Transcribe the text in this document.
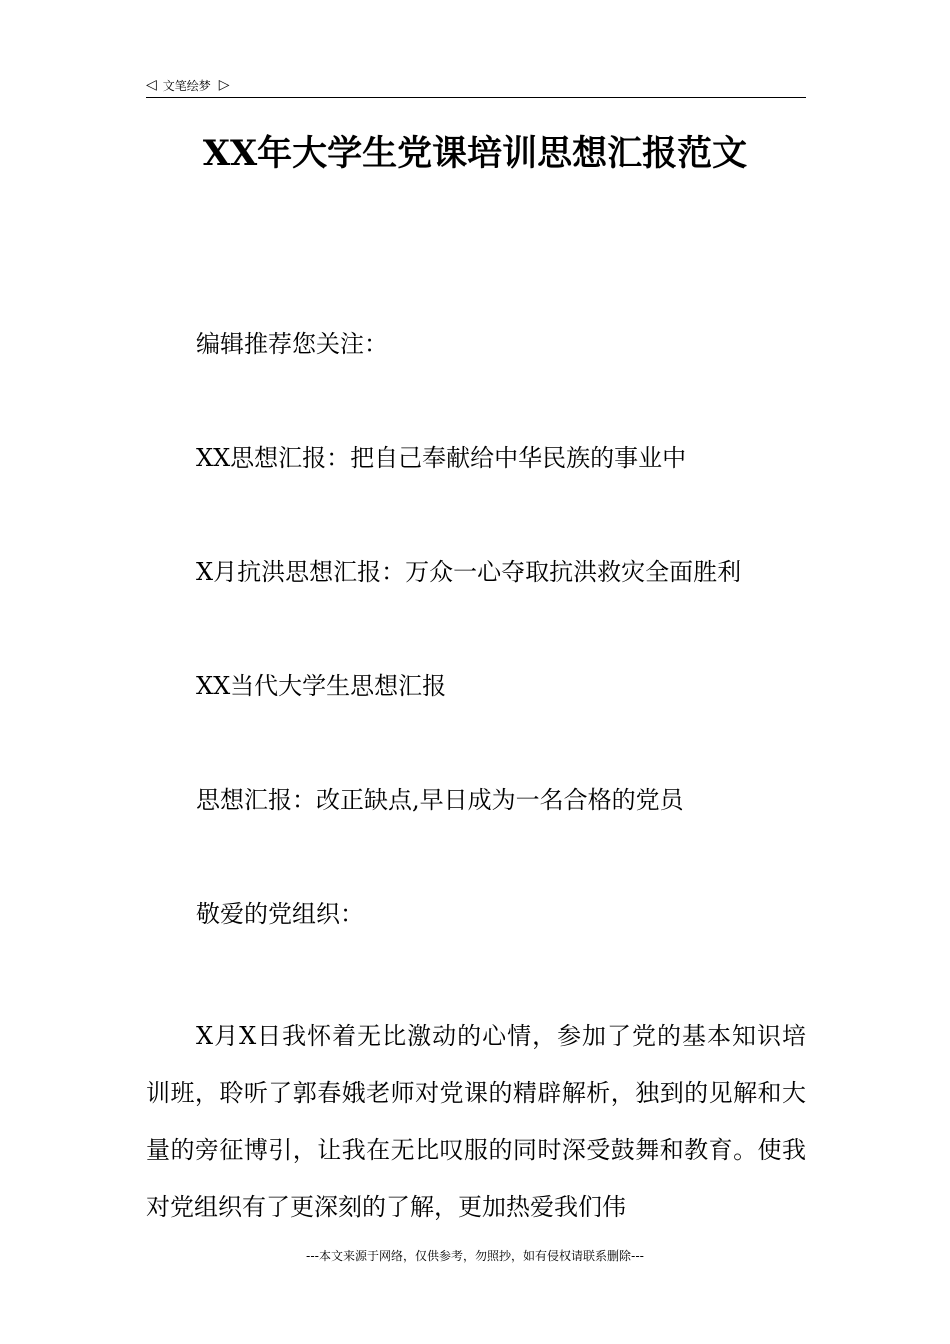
◁ 文笔绘梦 ▷
XX年大学生党课培训思想汇报范文
编辑推荐您关注：
XX思想汇报：把自己奉献给中华民族的事业中
X月抗洪思想汇报：万众一心夺取抗洪救灾全面胜利
XX当代大学生思想汇报
思想汇报：改正缺点,早日成为一名合格的党员
敬爱的党组织：
X月X日我怀着无比激动的心情，参加了党的基本知识培训班，聆听了郭春娥老师对党课的精辟解析，独到的见解和大量的旁征博引，让我在无比叹服的同时深受鼓舞和教育。使我对党组织有了更深刻的了解，更加热爱我们伟
---本文来源于网络，仅供参考，勿照抄，如有侵权请联系删除---
